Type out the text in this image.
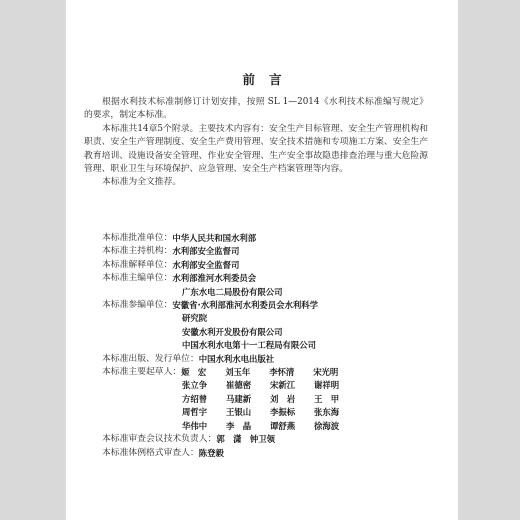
前言

根据水利技术标准制修订计划安排，按照 SL 1—2014《水利技术标准编写规定》的要求，制定本标准。

本标准共14章5个附录。主要技术内容有：安全生产目标管理、安全生产管理机构和职责、安全生产管理制度、安全生产费用管理、安全技术措施和专项施工方案、安全生产教育培训、设施设备安全管理、作业安全管理、生产安全事故隐患排查治理与重大危险源管理、职业卫生与环境保护、应急管理、安全生产档案管理等内容。

本标准为全文推荐。

本标准批准单位： 中华人民共和国水利部
本标准主持机构： 水利部安全监督司
本标准解释单位： 水利部安全监督司
本标准主编单位： 水利部淮河水利委员会
广东水电二局股份有限公司
本标准参编单位： 安徽省·水利部淮河水利委员会水利科学
研究院
安徽水利开发股份有限公司
中国水利水电第十一工程局有限公司
本标准出版、发行单位： 中国水利水电出版社
本标准主要起草人： 姬　宏	刘玉年	李怀清	宋光明
张立争	崔德密	宋新江	谢祥明
方绍曾	马建新	刘　岩	王　甲
周哲宇	王银山	李振标	张东海
华伟中	李　晶	谭舒燕	徐海波
本标准审查会议技术负责人： 郭　潇　钟卫领
本标准体例格式审查人： 陈登毅
